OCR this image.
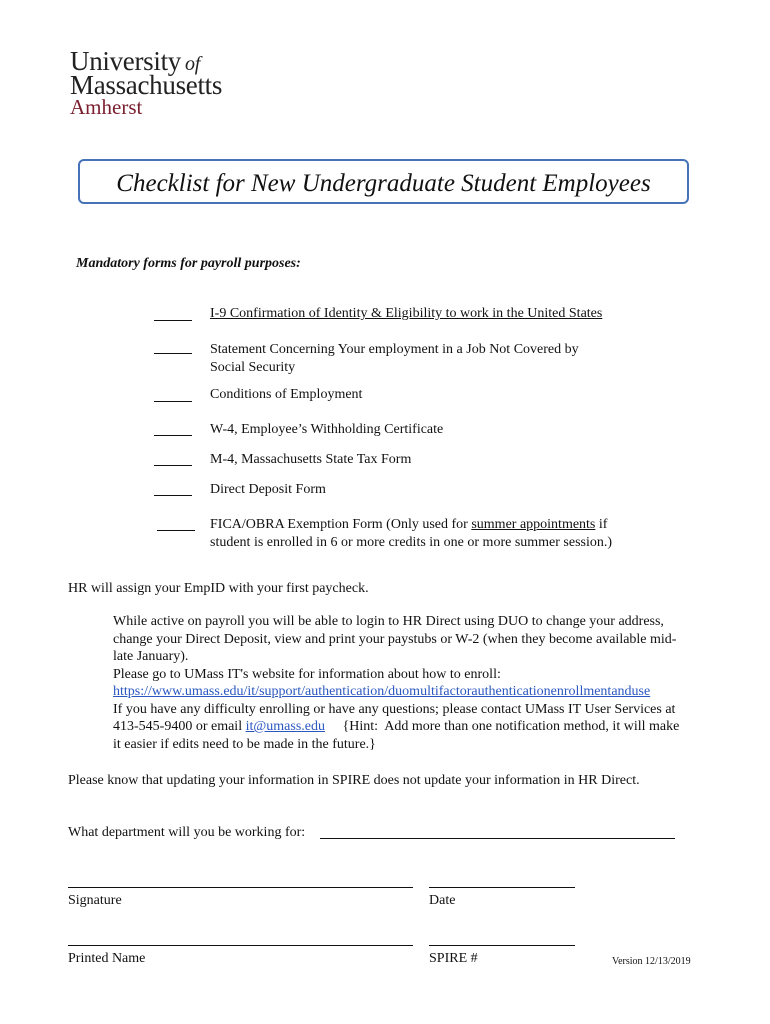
University of
Massachusetts
Amherst
Checklist for New Undergraduate Student Employees
Mandatory forms for payroll purposes:
I-9 Confirmation of Identity & Eligibility to work in the United States
Statement Concerning Your employment in a Job Not Covered by
Social Security
Conditions of Employment
W-4, Employee’s Withholding Certificate
M-4, Massachusetts State Tax Form
Direct Deposit Form
FICA/OBRA Exemption Form (Only used for summer appointments if
student is enrolled in 6 or more credits in one or more summer session.)
HR will assign your EmpID with your first paycheck.
While active on payroll you will be able to login to HR Direct using DUO to change your address,
change your Direct Deposit, view and print your paystubs or W-2 (when they become available mid-
late January).
Please go to UMass IT's website for information about how to enroll:
https://www.umass.edu/it/support/authentication/duomultifactorauthenticationenrollmentanduse
If you have any difficulty enrolling or have any questions; please contact UMass IT User Services at
413-545-9400 or email it@umass.edu     {Hint:  Add more than one notification method, it will make
it easier if edits need to be made in the future.}
Please know that updating your information in SPIRE does not update your information in HR Direct.
What department will you be working for:
Signature	Date
Printed Name	SPIRE #	Version 12/13/2019
